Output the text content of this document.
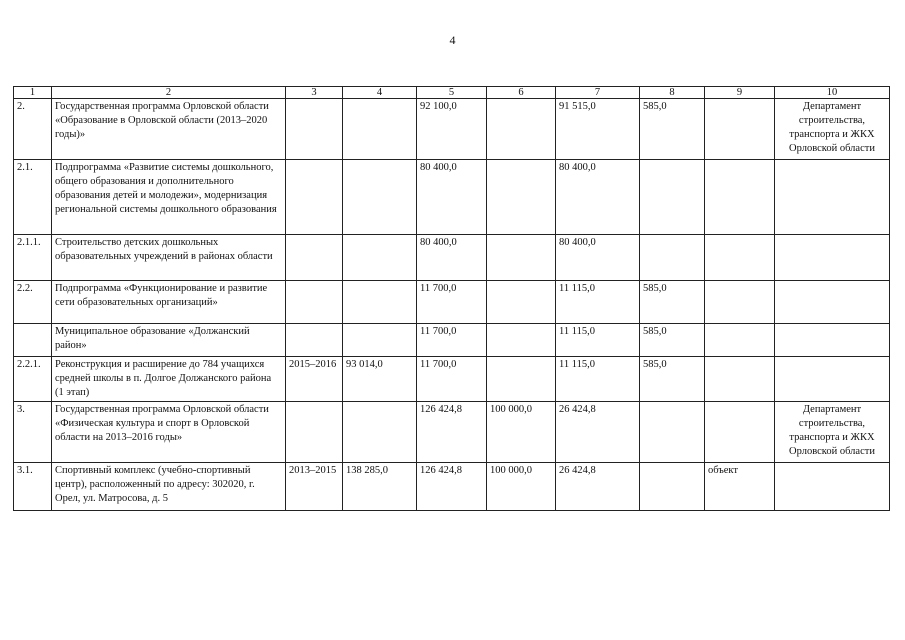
4
1	2	3	4	5	6	7	8	9	10
2.	Государственная программа Орловской области «Образование в Орловской области (2013–2020 годы)»			92 100,0		91 515,0	585,0		Департамент строительства, транспорта и ЖКХ Орловской области
2.1.	Подпрограмма «Развитие системы дошкольного, общего образования и дополнительного образования детей и молодежи», модернизация региональной системы дошкольного образования			80 400,0		80 400,0			
2.1.1.	Строительство детских дошкольных образовательных учреждений в районах области			80 400,0		80 400,0			
2.2.	Подпрограмма «Функционирование и развитие сети образовательных организаций»			11 700,0		11 115,0	585,0		
	Муниципальное образование «Должанский район»			11 700,0		11 115,0	585,0		
2.2.1.	Реконструкция и расширение до 784 учащихся средней школы в п. Долгое Должанского района (1 этап)	2015–2016	93 014,0	11 700,0		11 115,0	585,0		
3.	Государственная программа Орловской области «Физическая культура и спорт в Орловской области на 2013–2016 годы»			126 424,8	100 000,0	26 424,8			Департамент строительства, транспорта и ЖКХ Орловской области
3.1.	Спортивный комплекс (учебно-спортивный центр), расположенный по адресу: 302020, г. Орел, ул. Матросова, д. 5	2013–2015	138 285,0	126 424,8	100 000,0	26 424,8		объект	
